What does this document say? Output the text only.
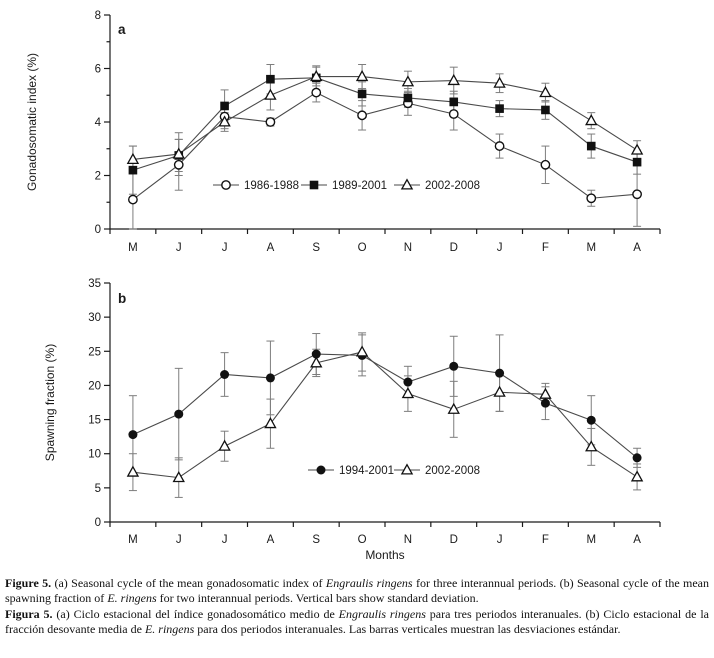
0
2
4
6
8
M	J	J	A	S	O	N	D	J	F	M	A
Gonadosomatic index (%)
a
1986-1988	1989-2001	2002-2008
0
5
10
15
20
25
30
35
M	J	J	A	S	O	N	D	J	F	M	A
Months
Spawning fraction (%)
b
1994-2001	2002-2008
Figure 5. (a) Seasonal cycle of the mean gonadosomatic index of Engraulis ringens for three interannual periods. (b) Seasonal cycle of the mean spawning fraction of E. ringens for two interannual periods. Vertical bars show standard deviation.
Figura 5. (a) Ciclo estacional del índice gonadosomático medio de Engraulis ringens para tres periodos interanuales. (b) Ciclo estacional de la fracción desovante media de E. ringens para dos periodos interanuales. Las barras verticales muestran las desviaciones estándar.
